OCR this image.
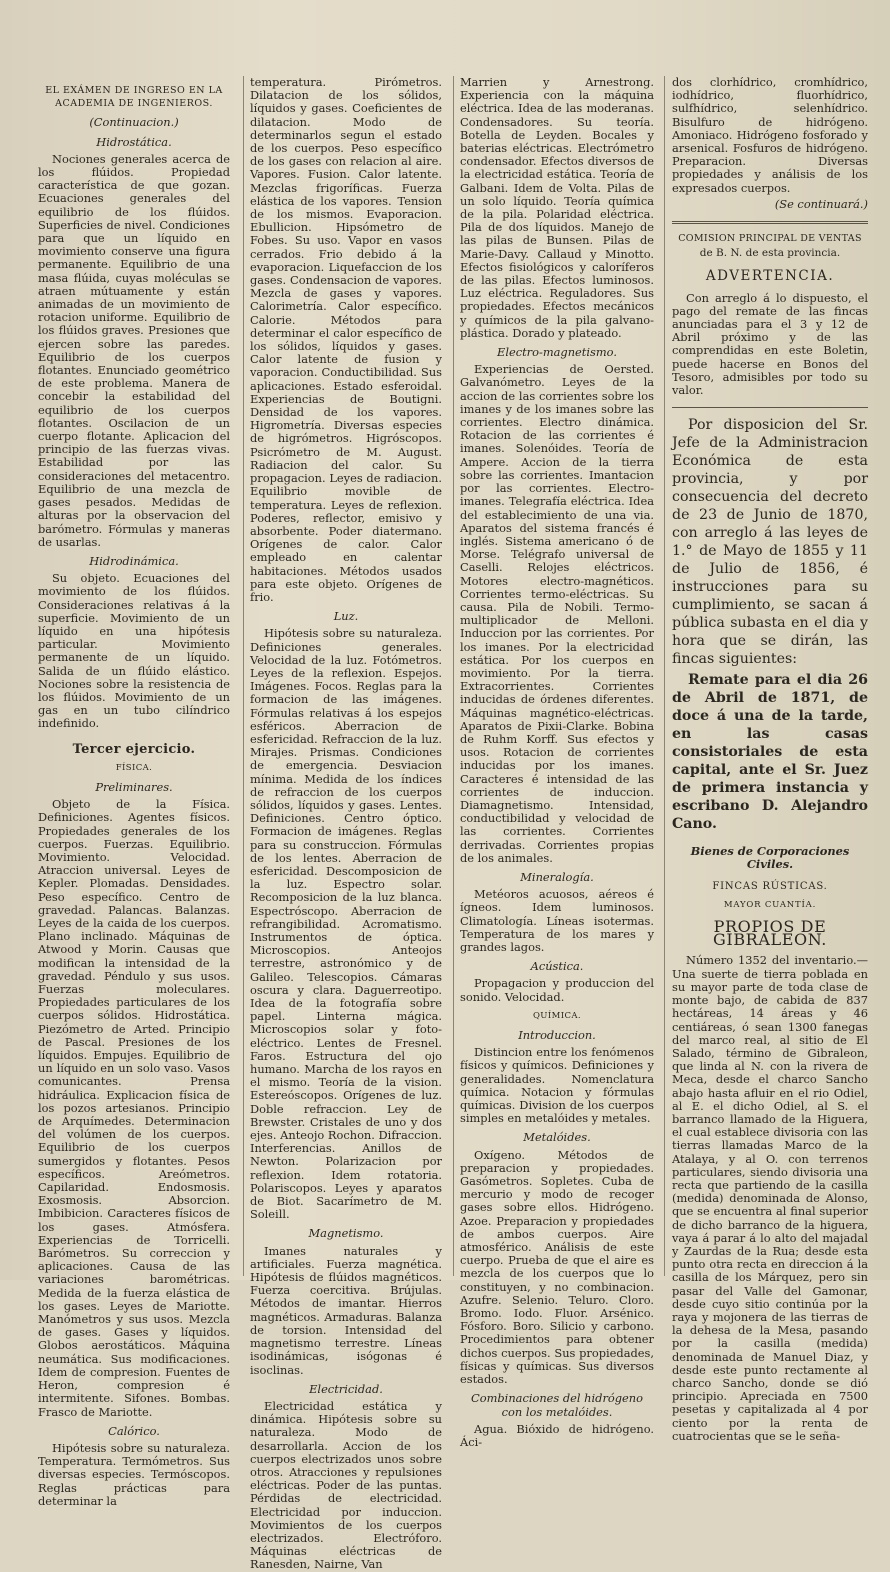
EL EXÁMEN DE INGRESO EN LA ACADEMIA DE INGENIEROS.
(Continuacion.)
Hidrostática.

Nociones generales acerca de los flúidos. Propiedad característica de que gozan. Ecuaciones generales del equilibrio de los flúidos. Superficies de nivel. Condiciones para que un líquido en movimiento conserve una figura permanente. Equilibrio de una masa flúida, cuyas moléculas se atraen mútuamente y están animadas de un movimiento de rotacion uniforme. Equilibrio de los flúidos graves. Presiones que ejercen sobre las paredes. Equilibrio de los cuerpos flotantes. Enunciado geométrico de este problema. Manera de concebir la estabilidad del equilibrio de los cuerpos flotantes. Oscilacion de un cuerpo flotante. Aplicacion del principio de las fuerzas vivas. Estabilidad por las consideraciones del metacentro. Equilibrio de una mezcla de gases pesados. Medidas de alturas por la observacion del barómetro. Fórmulas y maneras de usarlas.

Hidrodinámica.

Su objeto. Ecuaciones del movimiento de los flúidos. Consideraciones relativas á la superficie. Movimiento de un líquido en una hipótesis particular. Movimiento permanente de un líquido. Salida de un flúido elástico. Nociones sobre la resistencia de los flúidos. Movimiento de un gas en un tubo cilíndrico indefinido.

Tercer ejercicio.
FÍSICA.
Preliminares.

Objeto de la Física. Definiciones. Agentes físicos. Propiedades generales de los cuerpos. Fuerzas. Equilibrio. Movimiento. Velocidad. Atraccion universal. Leyes de Kepler. Plomadas. Densidades. Peso específico. Centro de gravedad. Palancas. Balanzas. Leyes de la caida de los cuerpos. Plano inclinado. Máquinas de Atwood y Morin. Causas que modifican la intensidad de la gravedad. Péndulo y sus usos. Fuerzas moleculares. Propiedades particulares de los cuerpos sólidos. Hidrostática. Piezómetro de Arted. Principio de Pascal. Presiones de los líquidos. Empujes. Equilibrio de un líquido en un solo vaso. Vasos comunicantes. Prensa hidráulica. Explicacion física de los pozos artesianos. Principio de Arquímedes. Determinacion del volúmen de los cuerpos. Equilibrio de los cuerpos sumergidos y flotantes. Pesos específicos. Areómetros. Capilaridad. Endosmosis. Exosmosis. Absorcion. Imbibicion. Caracteres físicos de los gases. Atmósfera. Experiencias de Torricelli. Barómetros. Su correccion y aplicaciones. Causa de las variaciones barométricas. Medida de la fuerza elástica de los gases. Leyes de Mariotte. Manómetros y sus usos. Mezcla de gases. Gases y líquidos. Globos aerostáticos. Máquina neumática. Sus modificaciones. Idem de compresion. Fuentes de Heron, compresion é intermitente. Sifones. Bombas. Frasco de Mariotte.

Calórico.

Hipótesis sobre su naturaleza. Temperatura. Termómetros. Sus diversas especies. Termóscopos. Reglas prácticas para determinar la

temperatura. Pirómetros. Dilatacion de los sólidos, líquidos y gases. Coeficientes de dilatacion. Modo de determinarlos segun el estado de los cuerpos. Peso específico de los gases con relacion al aire. Vapores. Fusion. Calor latente. Mezclas frigoríficas. Fuerza elástica de los vapores. Tension de los mismos. Evaporacion. Ebullicion. Hipsómetro de Fobes. Su uso. Vapor en vasos cerrados. Frio debido á la evaporacion. Liquefaccion de los gases. Condensacion de vapores. Mezcla de gases y vapores. Calorimetría. Calor específico. Calorie. Métodos para determinar el calor específico de los sólidos, líquidos y gases. Calor latente de fusion y vaporacion. Conductibilidad. Sus aplicaciones. Estado esferoidal. Experiencias de Boutigni. Densidad de los vapores. Higrometría. Diversas especies de higrómetros. Higróscopos. Psicrómetro de M. August. Radiacion del calor. Su propagacion. Leyes de radiacion. Equilibrio movible de temperatura. Leyes de reflexion. Poderes, reflector, emisivo y absorbente. Poder diatermano. Orígenes de calor. Calor empleado en calentar habitaciones. Métodos usados para este objeto. Orígenes de frio.

Luz.

Hipótesis sobre su naturaleza. Definiciones generales. Velocidad de la luz. Fotómetros. Leyes de la reflexion. Espejos. Imágenes. Focos. Reglas para la formacion de las imágenes. Fórmulas relativas á los espejos esféricos. Aberracion de esfericidad. Refraccion de la luz. Mirajes. Prismas. Condiciones de emergencia. Desviacion mínima. Medida de los índices de refraccion de los cuerpos sólidos, líquidos y gases. Lentes. Definiciones. Centro óptico. Formacion de imágenes. Reglas para su construccion. Fórmulas de los lentes. Aberracion de esfericidad. Descomposicion de la luz. Espectro solar. Recomposicion de la luz blanca. Espectróscopo. Aberracion de refrangibilidad. Acromatismo. Instrumentos de óptica. Microscopios. Anteojos terrestre, astronómico y de Galileo. Telescopios. Cámaras oscura y clara. Daguerreotipo. Idea de la fotografía sobre papel. Linterna mágica. Microscopios solar y foto-eléctrico. Lentes de Fresnel. Faros. Estructura del ojo humano. Marcha de los rayos en el mismo. Teoría de la vision. Estereóscopos. Orígenes de luz. Doble refraccion. Ley de Brewster. Cristales de uno y dos ejes. Anteojo Rochon. Difraccion. Interferencias. Anillos de Newton. Polarizacion por reflexion. Idem rotatoria. Polariscopos. Leyes y aparatos de Biot. Sacarímetro de M. Soleill.

Magnetismo.

Imanes naturales y artificiales. Fuerza magnética. Hipótesis de flúidos magnéticos. Fuerza coercitiva. Brújulas. Métodos de imantar. Hierros magnéticos. Armaduras. Balanza de torsion. Intensidad del magnetismo terrestre. Líneas isodinámicas, isógonas é isoclinas.

Electricidad.

Electricidad estática y dinámica. Hipótesis sobre su naturaleza. Modo de desarrollarla. Accion de los cuerpos electrizados unos sobre otros. Atracciones y repulsiones eléctricas. Poder de las puntas. Pérdidas de electricidad. Electricidad por induccion. Movimientos de los cuerpos electrizados. Electróforo. Máquinas eléctricas de Ranesden, Nairne, Van

Marrien y Arnestrong. Experiencia con la máquina eléctrica. Idea de las moderanas. Condensadores. Su teoría. Botella de Leyden. Bocales y baterias eléctricas. Electrómetro condensador. Efectos diversos de la electricidad estática. Teoría de Galbani. Idem de Volta. Pilas de un solo líquido. Teoría química de la pila. Polaridad eléctrica. Pila de dos líquidos. Manejo de las pilas de Bunsen. Pilas de Marie-Davy. Callaud y Minotto. Efectos fisiológicos y caloríferos de las pilas. Efectos luminosos. Luz eléctrica. Reguladores. Sus propiedades. Efectos mecánicos y químicos de la pila galvano-plástica. Dorado y plateado.

Electro-magnetismo.

Experiencias de Oersted. Galvanómetro. Leyes de la accion de las corrientes sobre los imanes y de los imanes sobre las corrientes. Electro dinámica. Rotacion de las corrientes é imanes. Solenóides. Teoría de Ampere. Accion de la tierra sobre las corrientes. Imantacion por las corrientes. Electro-imanes. Telegrafía eléctrica. Idea del establecimiento de una via. Aparatos del sistema francés é inglés. Sistema americano ó de Morse. Telégrafo universal de Caselli. Relojes eléctricos. Motores electro-magnéticos. Corrientes termo-eléctricas. Su causa. Pila de Nobili. Termo-multiplicador de Melloni. Induccion por las corrientes. Por los imanes. Por la electricidad estática. Por los cuerpos en movimiento. Por la tierra. Extracorrientes. Corrientes inducidas de órdenes diferentes. Máquinas magnético-eléctricas. Aparatos de Pixii-Clarke. Bobina de Ruhm Korff. Sus efectos y usos. Rotacion de corrientes inducidas por los imanes. Caracteres é intensidad de las corrientes de induccion. Diamagnetismo. Intensidad, conductibilidad y velocidad de las corrientes. Corrientes derrivadas. Corrientes propias de los animales.

Mineralogía.

Metéoros acuosos, aéreos é ígneos. Idem luminosos. Climatología. Líneas isotermas. Temperatura de los mares y grandes lagos.

Acústica.

Propagacion y produccion del sonido. Velocidad.

QUÍMICA.
Introduccion.

Distincion entre los fenómenos físicos y químicos. Definiciones y generalidades. Nomenclatura química. Notacion y fórmulas químicas. Division de los cuerpos simples en metalóides y metales.

Metalóides.

Oxígeno. Métodos de preparacion y propiedades. Gasómetros. Sopletes. Cuba de mercurio y modo de recoger gases sobre ellos. Hidrógeno. Azoe. Preparacion y propiedades de ambos cuerpos. Aire atmosférico. Análisis de este cuerpo. Prueba de que el aire es mezcla de los cuerpos que lo constituyen, y no combinacion. Azufre. Selenio. Teluro. Cloro. Bromo. Iodo. Fluor. Arsénico. Fósforo. Boro. Silicio y carbono. Procedimientos para obtener dichos cuerpos. Sus propiedades, físicas y químicas. Sus diversos estados.

Combinaciones del hidrógeno con los metalóides.

Agua. Bióxido de hidrógeno. Áci-

dos clorhídrico, cromhídrico, iodhídrico, fluorhídrico, sulfhídrico, selenhídrico. Bisulfuro de hidrógeno. Amoniaco. Hidrógeno fosforado y arsenical. Fosfuros de hidrógeno. Preparacion. Diversas propiedades y análisis de los expresados cuerpos.

(Se continuará.)
COMISION PRINCIPAL DE VENTAS
de B. N. de esta provincia.
ADVERTENCIA.

Con arreglo á lo dispuesto, el pago del remate de las fincas anunciadas para el 3 y 12 de Abril próximo y de las comprendidas en este Boletin, puede hacerse en Bonos del Tesoro, admisibles por todo su valor.

Por disposicion del Sr. Jefe de la Administracion Económica de esta provincia, y por consecuencia del decreto de 23 de Junio de 1870, con arreglo á las leyes de 1.° de Mayo de 1855 y 11 de Julio de 1856, é instrucciones para su cumplimiento, se sacan á pública subasta en el dia y hora que se dirán, las fincas siguientes:

Remate para el dia 26 de Abril de 1871, de doce á una de la tarde, en las casas consistoriales de esta capital, ante el Sr. Juez de primera instancia y escribano D. Alejandro Cano.

Bienes de Corporaciones Civiles.
FINCAS RÚSTICAS.
MAYOR CUANTÍA.
PROPIOS DE GIBRALEON.

Número 1352 del inventario.—Una suerte de tierra poblada en su mayor parte de toda clase de monte bajo, de cabida de 837 hectáreas, 14 áreas y 46 centiáreas, ó sean 1300 fanegas del marco real, al sitio de El Salado, término de Gibraleon, que linda al N. con la rivera de Meca, desde el charco Sancho abajo hasta afluir en el rio Odiel, al E. el dicho Odiel, al S. el barranco llamado de la Higuera, el cual establece divisoria con las tierras llamadas Marco de la Atalaya, y al O. con terrenos particulares, siendo divisoria una recta que partiendo de la casilla (medida) denominada de Alonso, que se encuentra al final superior de dicho barranco de la higuera, vaya á parar á lo alto del majadal y Zaurdas de la Rua; desde esta punto otra recta en direccion á la casilla de los Márquez, pero sin pasar del Valle del Gamonar, desde cuyo sitio continúa por la raya y mojonera de las tierras de la dehesa de la Mesa, pasando por la casilla (medida) denominada de Manuel Diaz, y desde este punto rectamente al charco Sancho, donde se dió principio. Apreciada en 7500 pesetas y capitalizada al 4 por ciento por la renta de cuatrocientas que se le seña-
